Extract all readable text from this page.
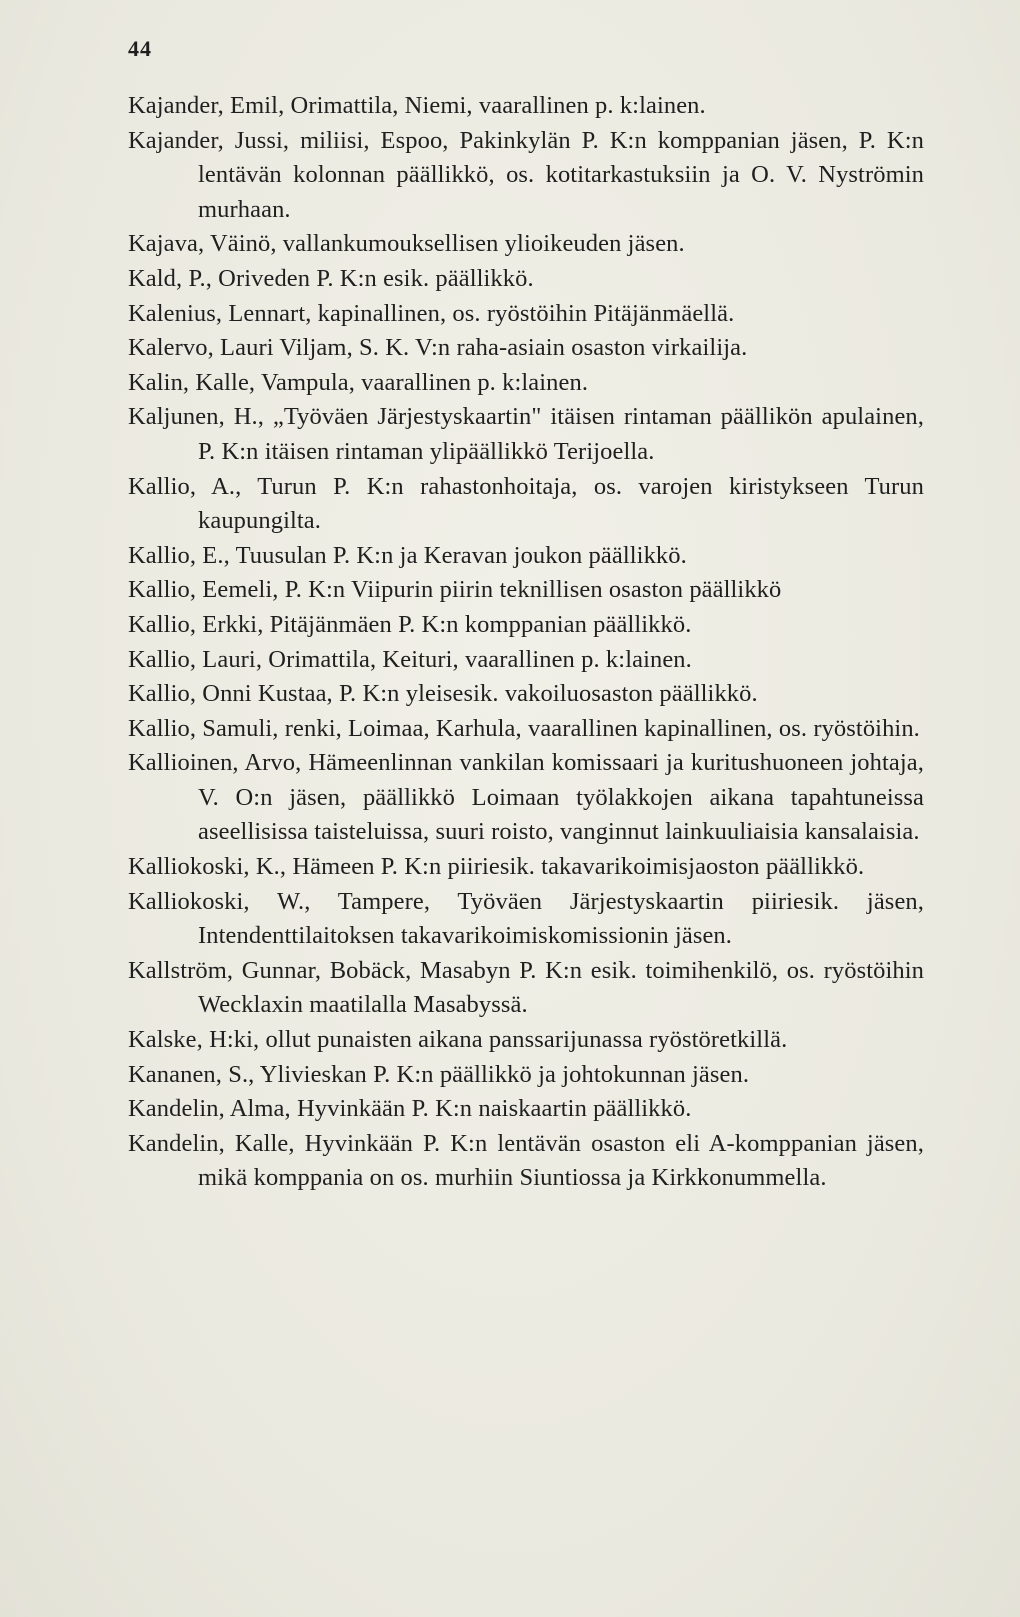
44

Kajander, Emil, Orimattila, Niemi, vaarallinen p. k:lainen.

Kajander, Jussi, miliisi, Espoo, Pakinkylän P. K:n komppanian jäsen, P. K:n lentävän kolonnan päällikkö, os. kotitarkastuksiin ja O. V. Nyströmin murhaan.

Kajava, Väinö, vallankumouksellisen ylioikeuden jäsen.

Kald, P., Oriveden P. K:n esik. päällikkö.

Kalenius, Lennart, kapinallinen, os. ryöstöihin Pitäjänmäellä.

Kalervo, Lauri Viljam, S. K. V:n raha-asiain osaston virkailija.

Kalin, Kalle, Vampula, vaarallinen p. k:lainen.

Kaljunen, H., „Työväen Järjestyskaartin" itäisen rintaman päällikön apulainen, P. K:n itäisen rintaman ylipäällikkö Terijoella.

Kallio, A., Turun P. K:n rahastonhoitaja, os. varojen kiristykseen Turun kaupungilta.

Kallio, E., Tuusulan P. K:n ja Keravan joukon päällikkö.

Kallio, Eemeli, P. K:n Viipurin piirin teknillisen osaston päällikkö

Kallio, Erkki, Pitäjänmäen P. K:n komppanian päällikkö.

Kallio, Lauri, Orimattila, Keituri, vaarallinen p. k:lainen.

Kallio, Onni Kustaa, P. K:n yleisesik. vakoiluosaston päällikkö.

Kallio, Samuli, renki, Loimaa, Karhula, vaarallinen kapinallinen, os. ryöstöihin.

Kallioinen, Arvo, Hämeenlinnan vankilan komissaari ja kuritushuoneen johtaja, V. O:n jäsen, päällikkö Loimaan työlakkojen aikana tapahtuneissa aseellisissa taisteluissa, suuri roisto, vanginnut lainkuuliaisia kansalaisia.

Kalliokoski, K., Hämeen P. K:n piiriesik. takavarikoimisjaoston päällikkö.

Kalliokoski, W., Tampere, Työväen Järjestyskaartin piiriesik. jäsen, Intendenttilaitoksen takavarikoimiskomissionin jäsen.

Kallström, Gunnar, Bobäck, Masabyn P. K:n esik. toimihenkilö, os. ryöstöihin Wecklaxin maatilalla Masabyssä.

Kalske, H:ki, ollut punaisten aikana panssarijunassa ryöstöretkillä.

Kananen, S., Ylivieskan P. K:n päällikkö ja johtokunnan jäsen.

Kandelin, Alma, Hyvinkään P. K:n naiskaartin päällikkö.

Kandelin, Kalle, Hyvinkään P. K:n lentävän osaston eli A-komppanian jäsen, mikä komppania on os. murhiin Siuntiossa ja Kirkkonummella.
